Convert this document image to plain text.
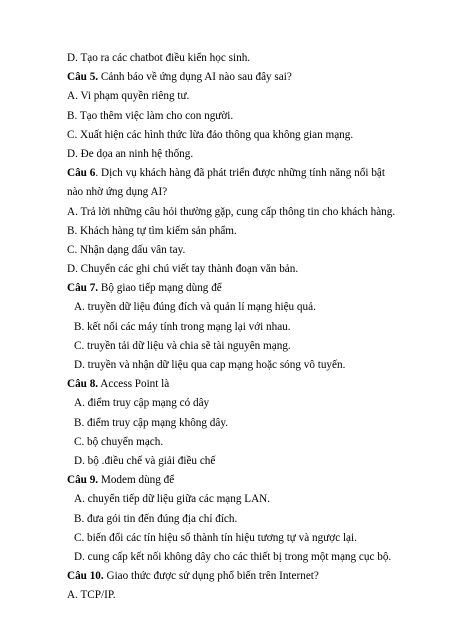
D. Tạo ra các chatbot điều kiển học sinh.
Câu 5. Cảnh báo về ứng dụng AI nào sau đây sai?
A. Vi phạm quyền riêng tư.
B. Tạo thêm việc làm cho con người.
C. Xuất hiện các hình thức lừa đảo thông qua không gian mạng.
D. Đe dọa an ninh hệ thống.
Câu 6. Dịch vụ khách hàng đã phát triển được những tính năng nổi bật
nào nhờ ứng dụng AI?
A. Trả lời những câu hỏi thường gặp, cung cấp thông tin cho khách hàng.
B. Khách hàng tự tìm kiếm sản phẩm.
C. Nhận dạng dấu vân tay.
D. Chuyển các ghi chú viết tay thành đoạn văn bản.
Câu 7. Bộ giao tiếp mạng dùng để
A. truyền dữ liệu đúng đích và quản lí mạng hiệu quả.
B. kết nối các máy tính trong mạng lại với nhau.
C. truyền tải dữ liệu và chia sẽ tài nguyên mạng.
D. truyền và nhận dữ liệu qua cap mạng hoặc sóng vô tuyến.
Câu 8. Access Point là
A. điểm truy cập mạng có dây
B. điểm truy cập mạng không dây.
C. bộ chuyển mạch.
D. bộ .điều chế và giải điều chế
Câu 9. Modem dùng để
A. chuyển tiếp dữ liệu giữa các mạng LAN.
B. đưa gói tin đến đúng địa chỉ đích.
C. biến đổi các tín hiệu số thành tín hiệu tương tự và ngược lại.
D. cung cấp kết nối không dây cho các thiết bị trong một mạng cục bộ.
Câu 10. Giao thức được sử dụng phổ biến trên Internet?
A. TCP/IP.
